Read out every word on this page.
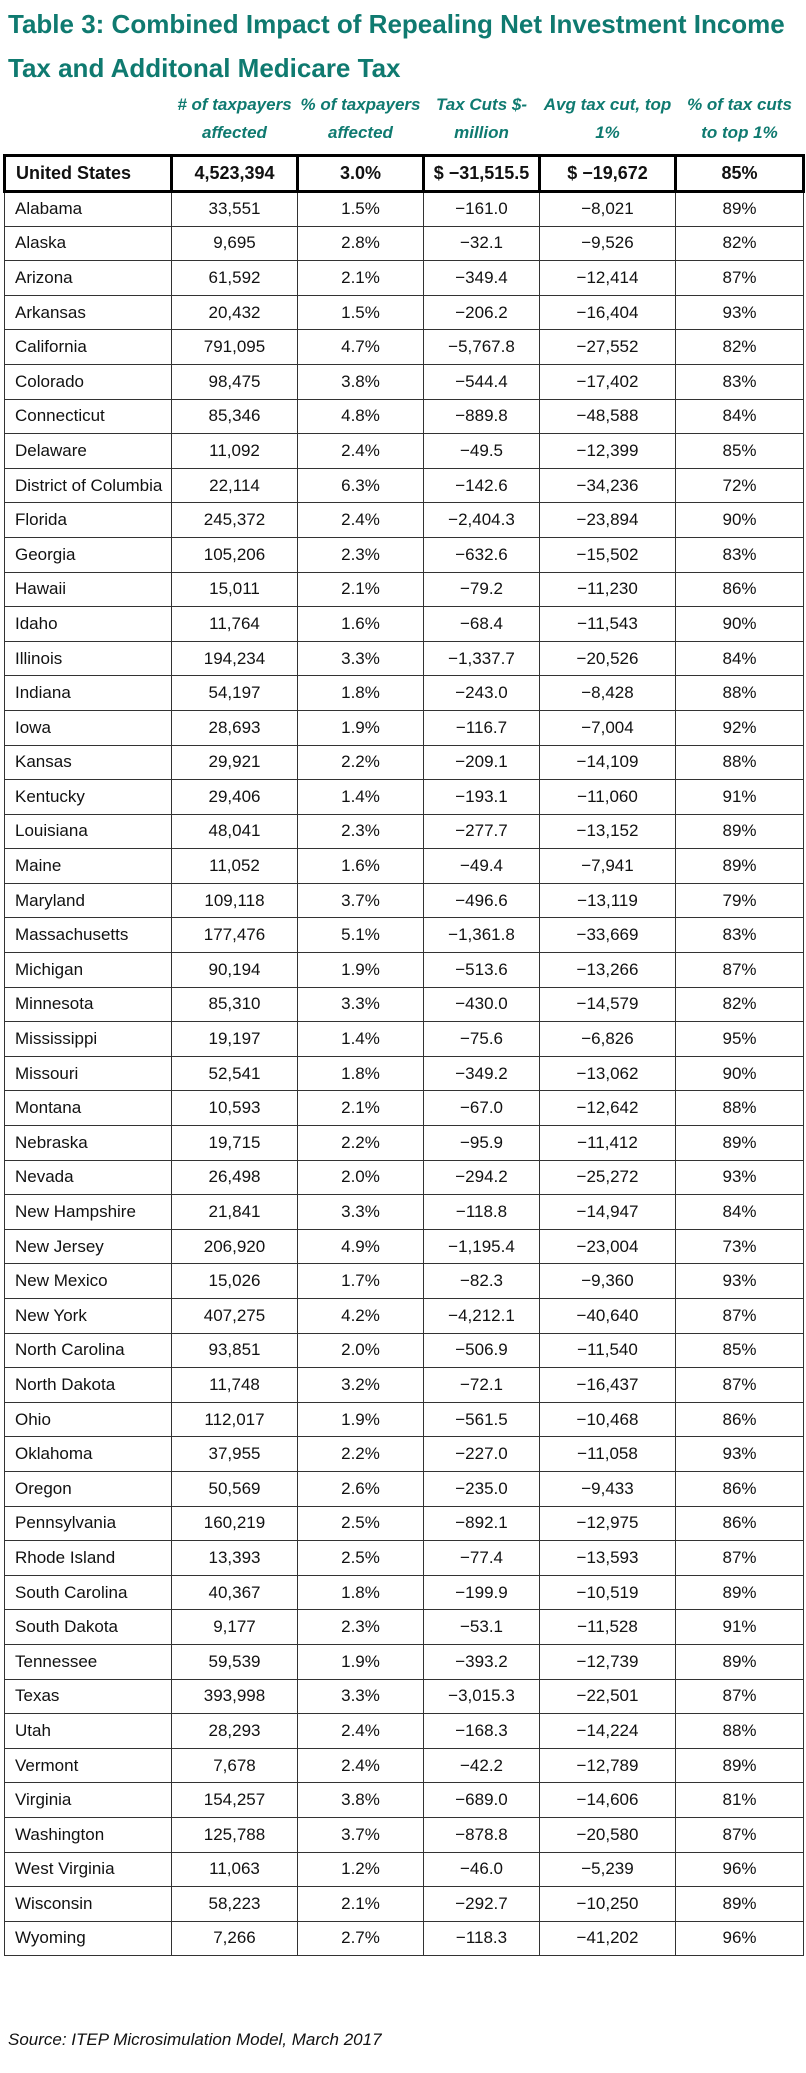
Table 3: Combined Impact of Repealing Net Investment Income Tax and Additonal Medicare Tax
	# of taxpayers affected	% of taxpayers affected	Tax Cuts $-million	Avg tax cut, top 1%	% of tax cuts to top 1%
United States	4,523,394	3.0%	$ −31,515.5	$ −19,672	85%
Alabama	33,551	1.5%	−161.0	−8,021	89%
Alaska	9,695	2.8%	−32.1	−9,526	82%
Arizona	61,592	2.1%	−349.4	−12,414	87%
Arkansas	20,432	1.5%	−206.2	−16,404	93%
California	791,095	4.7%	−5,767.8	−27,552	82%
Colorado	98,475	3.8%	−544.4	−17,402	83%
Connecticut	85,346	4.8%	−889.8	−48,588	84%
Delaware	11,092	2.4%	−49.5	−12,399	85%
District of Columbia	22,114	6.3%	−142.6	−34,236	72%
Florida	245,372	2.4%	−2,404.3	−23,894	90%
Georgia	105,206	2.3%	−632.6	−15,502	83%
Hawaii	15,011	2.1%	−79.2	−11,230	86%
Idaho	11,764	1.6%	−68.4	−11,543	90%
Illinois	194,234	3.3%	−1,337.7	−20,526	84%
Indiana	54,197	1.8%	−243.0	−8,428	88%
Iowa	28,693	1.9%	−116.7	−7,004	92%
Kansas	29,921	2.2%	−209.1	−14,109	88%
Kentucky	29,406	1.4%	−193.1	−11,060	91%
Louisiana	48,041	2.3%	−277.7	−13,152	89%
Maine	11,052	1.6%	−49.4	−7,941	89%
Maryland	109,118	3.7%	−496.6	−13,119	79%
Massachusetts	177,476	5.1%	−1,361.8	−33,669	83%
Michigan	90,194	1.9%	−513.6	−13,266	87%
Minnesota	85,310	3.3%	−430.0	−14,579	82%
Mississippi	19,197	1.4%	−75.6	−6,826	95%
Missouri	52,541	1.8%	−349.2	−13,062	90%
Montana	10,593	2.1%	−67.0	−12,642	88%
Nebraska	19,715	2.2%	−95.9	−11,412	89%
Nevada	26,498	2.0%	−294.2	−25,272	93%
New Hampshire	21,841	3.3%	−118.8	−14,947	84%
New Jersey	206,920	4.9%	−1,195.4	−23,004	73%
New Mexico	15,026	1.7%	−82.3	−9,360	93%
New York	407,275	4.2%	−4,212.1	−40,640	87%
North Carolina	93,851	2.0%	−506.9	−11,540	85%
North Dakota	11,748	3.2%	−72.1	−16,437	87%
Ohio	112,017	1.9%	−561.5	−10,468	86%
Oklahoma	37,955	2.2%	−227.0	−11,058	93%
Oregon	50,569	2.6%	−235.0	−9,433	86%
Pennsylvania	160,219	2.5%	−892.1	−12,975	86%
Rhode Island	13,393	2.5%	−77.4	−13,593	87%
South Carolina	40,367	1.8%	−199.9	−10,519	89%
South Dakota	9,177	2.3%	−53.1	−11,528	91%
Tennessee	59,539	1.9%	−393.2	−12,739	89%
Texas	393,998	3.3%	−3,015.3	−22,501	87%
Utah	28,293	2.4%	−168.3	−14,224	88%
Vermont	7,678	2.4%	−42.2	−12,789	89%
Virginia	154,257	3.8%	−689.0	−14,606	81%
Washington	125,788	3.7%	−878.8	−20,580	87%
West Virginia	11,063	1.2%	−46.0	−5,239	96%
Wisconsin	58,223	2.1%	−292.7	−10,250	89%
Wyoming	7,266	2.7%	−118.3	−41,202	96%
Source: ITEP Microsimulation Model, March 2017
